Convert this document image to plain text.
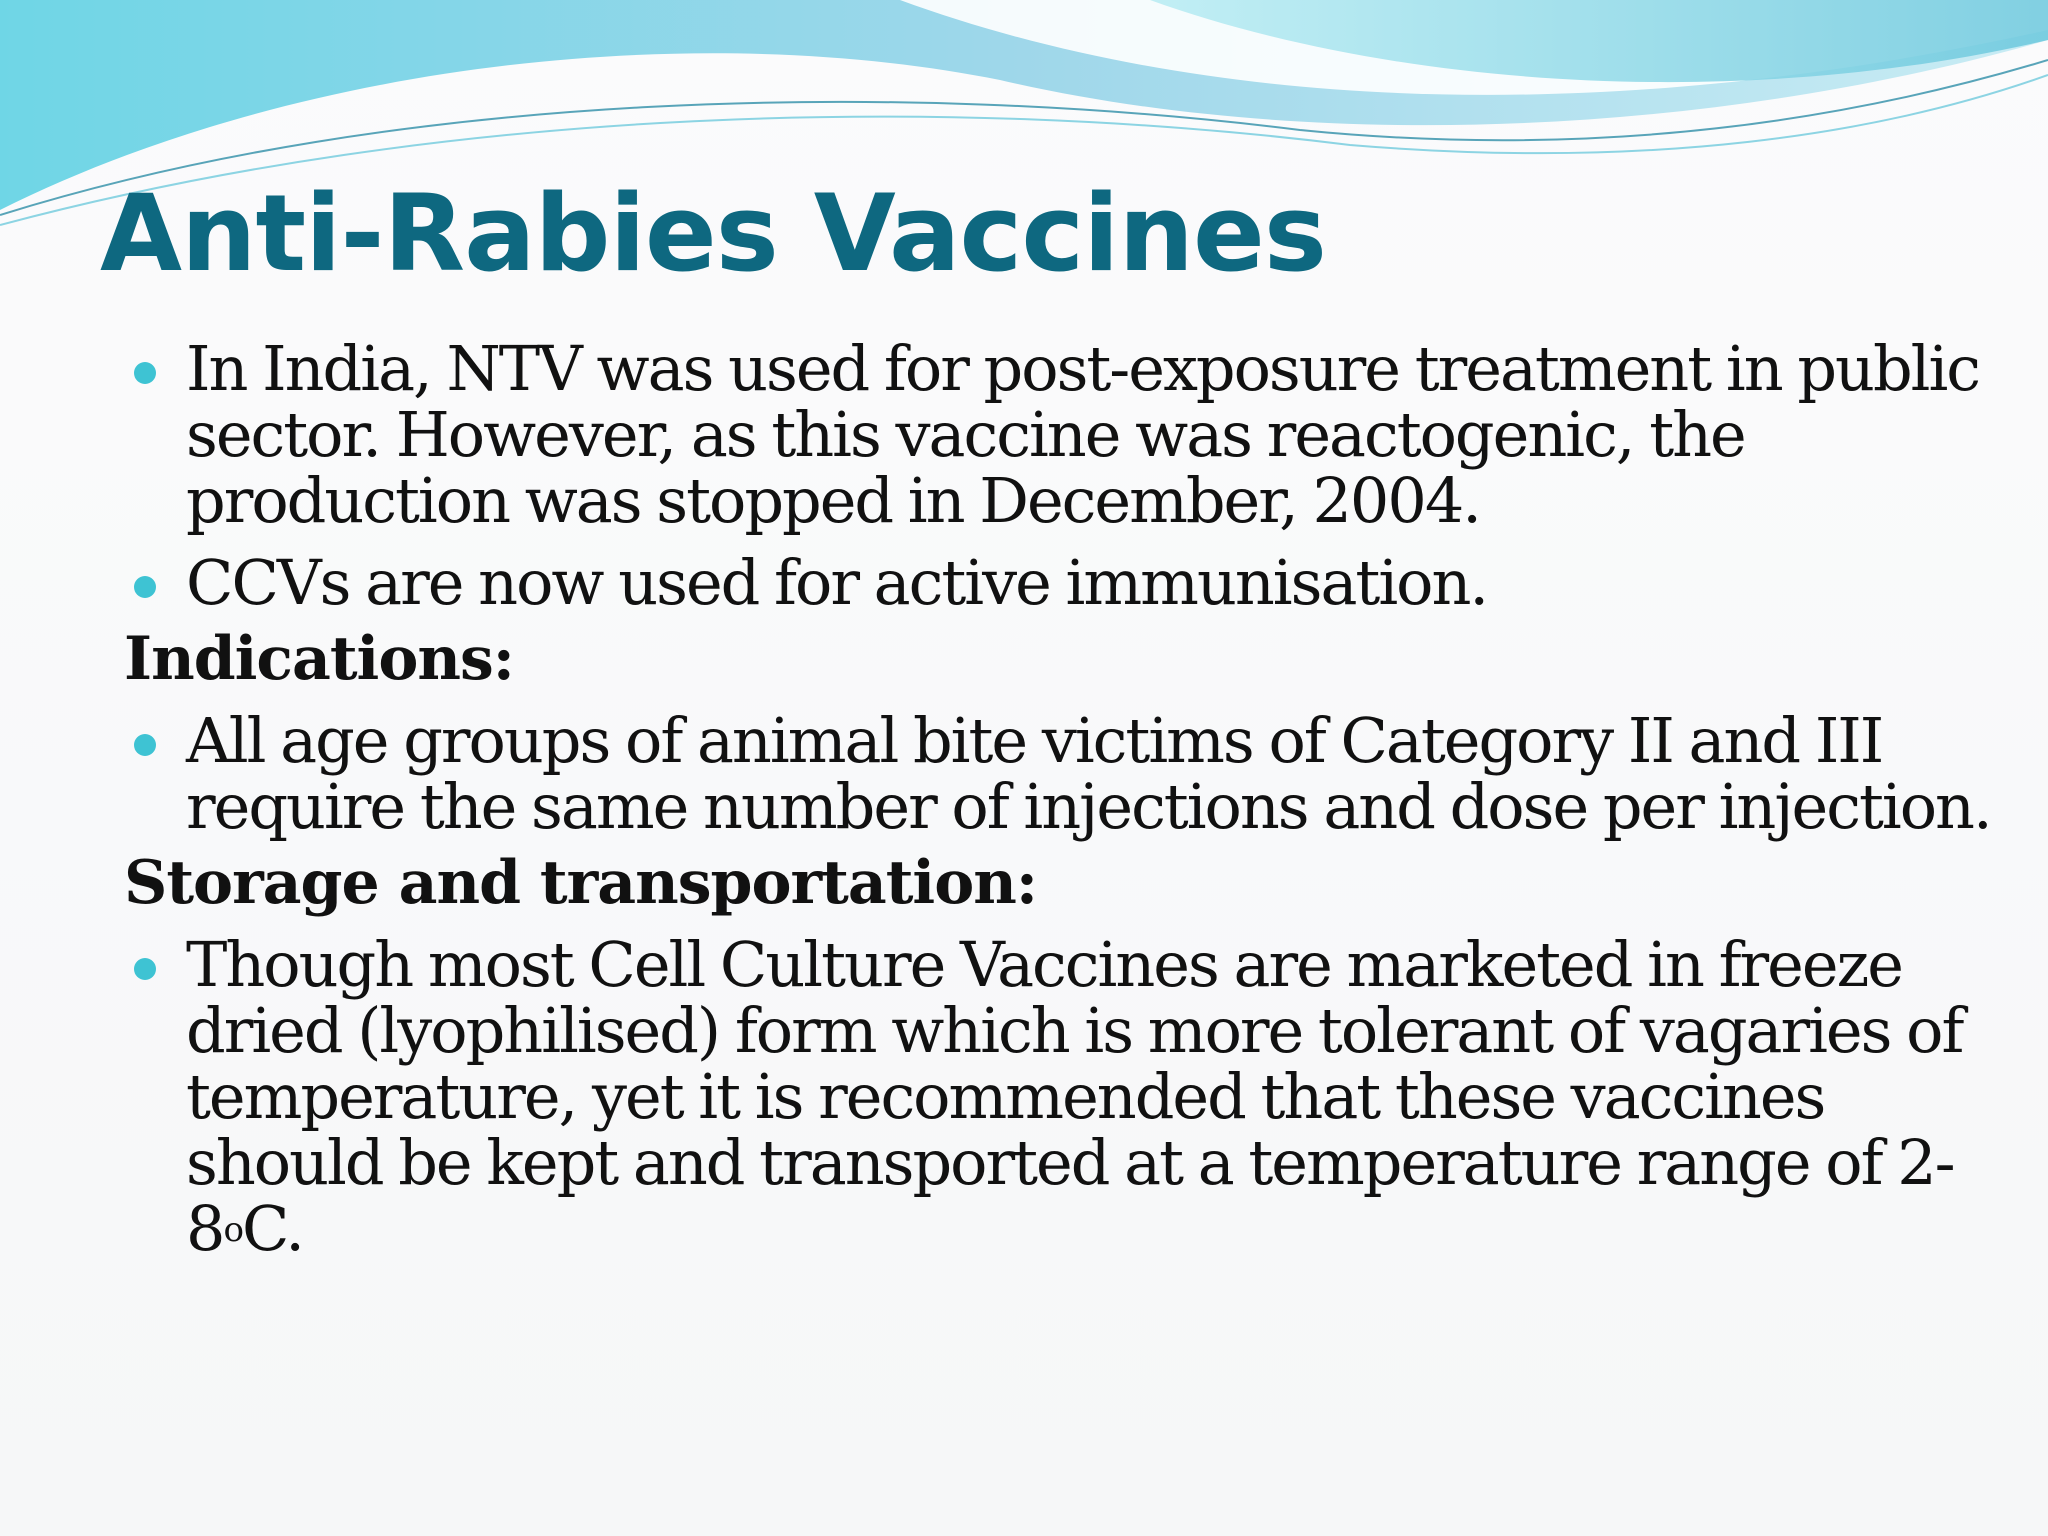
Anti-Rabies Vaccines

In India, NTV was used for post-exposure treatment in public sector. However, as this vaccine was reactogenic, the production was stopped in December, 2004.

CCVs are now used for active immunisation.

Indications:

All age groups of animal bite victims of Category II and III require the same number of injections and dose per injection.

Storage and transportation:

Though most Cell Culture Vaccines are marketed in freeze dried (lyophilised) form which is more tolerant of vagaries of temperature, yet it is recommended that these vaccines should be kept and transported at a temperature range of 2-8$^o$C.
